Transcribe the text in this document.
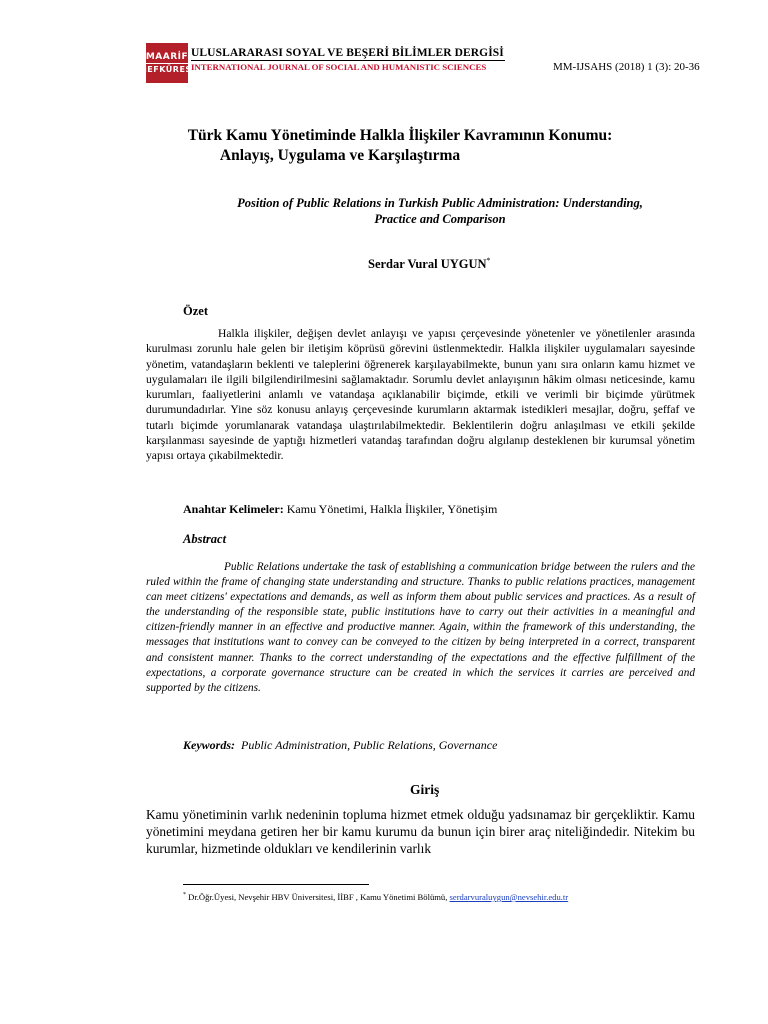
MAARİF
MEFKÜRESİ
ULUSLARARASI SOYAL VE BEŞERİ BİLİMLER DERGİSİ
INTERNATIONAL JOURNAL OF SOCIAL AND HUMANISTIC SCIENCES	MM-IJSAHS (2018) 1 (3): 20-36
Türk Kamu Yönetiminde Halkla İlişkiler Kavramının Konumu:
Anlayış, Uygulama ve Karşılaştırma
Position of Public Relations in Turkish Public Administration: Understanding,
Practice and Comparison
Serdar Vural UYGUN*
Özet
Halkla ilişkiler, değişen devlet anlayışı ve yapısı çerçevesinde yönetenler ve yönetilenler arasında kurulması zorunlu hale gelen bir iletişim köprüsü görevini üstlenmektedir. Halkla ilişkiler uygulamaları sayesinde yönetim, vatandaşların beklenti ve taleplerini öğrenerek karşılayabilmekte, bunun yanı sıra onların kamu hizmet ve uygulamaları ile ilgili bilgilendirilmesini sağlamaktadır. Sorumlu devlet anlayışının hâkim olması neticesinde, kamu kurumları, faaliyetlerini anlamlı ve vatandaşa açıklanabilir biçimde, etkili ve verimli bir biçimde yürütmek durumundadırlar. Yine söz konusu anlayış çerçevesinde kurumların aktarmak istedikleri mesajlar, doğru, şeffaf ve tutarlı biçimde yorumlanarak vatandaşa ulaştırılabilmektedir. Beklentilerin doğru anlaşılması ve etkili şekilde karşılanması sayesinde de yaptığı hizmetleri vatandaş tarafından doğru algılanıp desteklenen bir kurumsal yönetim yapısı ortaya çıkabilmektedir.
Anahtar Kelimeler: Kamu Yönetimi, Halkla İlişkiler, Yönetişim
Abstract
Public Relations undertake the task of establishing a communication bridge between the rulers and the ruled within the frame of changing state understanding and structure. Thanks to public relations practices, management can meet citizens' expectations and demands, as well as inform them about public services and practices. As a result of the understanding of the responsible state, public institutions have to carry out their activities in a meaningful and citizen-friendly manner in an effective and productive manner. Again, within the framework of this understanding, the messages that institutions want to convey can be conveyed to the citizen by being interpreted in a correct, transparent and consistent manner. Thanks to the correct understanding of the expectations and the effective fulfillment of the expectations, a corporate governance structure can be created in which the services it carries are perceived and supported by the citizens.
Keywords: Public Administration, Public Relations, Governance
Giriş
Kamu yönetiminin varlık nedeninin topluma hizmet etmek olduğu yadsınamaz bir gerçekliktir. Kamu yönetimini meydana getiren her bir kamu kurumu da bunun için birer araç niteliğindedir. Nitekim bu kurumlar, hizmetinde oldukları ve kendilerinin varlık
* Dr.Öğr.Üyesi, Nevşehir HBV Üniversitesi, İİBF , Kamu Yönetimi Bölümü, serdarvuraluygun@nevsehir.edu.tr
